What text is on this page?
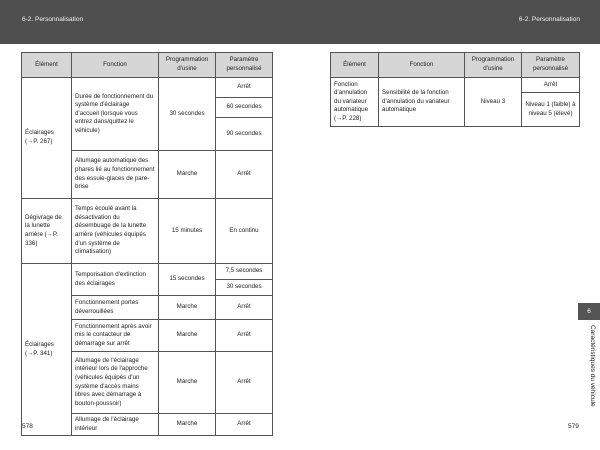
6-2. Personnalisation	6-2. Personnalisation
Élément	Fonction	Programmation d'usine	Paramètre personnalisé
Éclairages (→P. 267)	Durée de fonctionnement du système d'éclairage d'accueil (lorsque vous entrez dans/quittez le véhicule)	30 secondes	Arrêt
			60 secondes
			90 secondes
	Allumage automatique des phares lié au fonctionnement des essuie-glaces de pare-brise	Marche	Arrêt
Dégivrage de la lunette arrière (→P. 336)	Temps écoulé avant la désactivation du désembuage de la lunette arrière (véhicules équipés d'un système de climatisation)	15 minutes	En continu
Éclairages (→P. 341)	Temporisation d'extinction des éclairages	15 secondes	7,5 secondes
			30 secondes
	Fonctionnement portes déverrouillées	Marche	Arrêt
	Fonctionnement après avoir mis le contacteur de démarrage sur arrêt	Marche	Arrêt
	Allumage de l'éclairage intérieur lors de l'approche (véhicules équipés d'un système d'accès mains libres avec démarrage à bouton-poussoir)	Marche	Arrêt
	Allumage de l'éclairage intérieur	Marche	Arrêt
Élément	Fonction	Programmation d'usine	Paramètre personnalisé
Fonction d'annulation du variateur automatique (→P. 228)	Sensibilité de la fonction d'annulation du variateur automatique	Niveau 3	Arrêt
			Niveau 1 (faible) à niveau 5 (élevé)
578	579
6
Caractéristiques du véhicule
